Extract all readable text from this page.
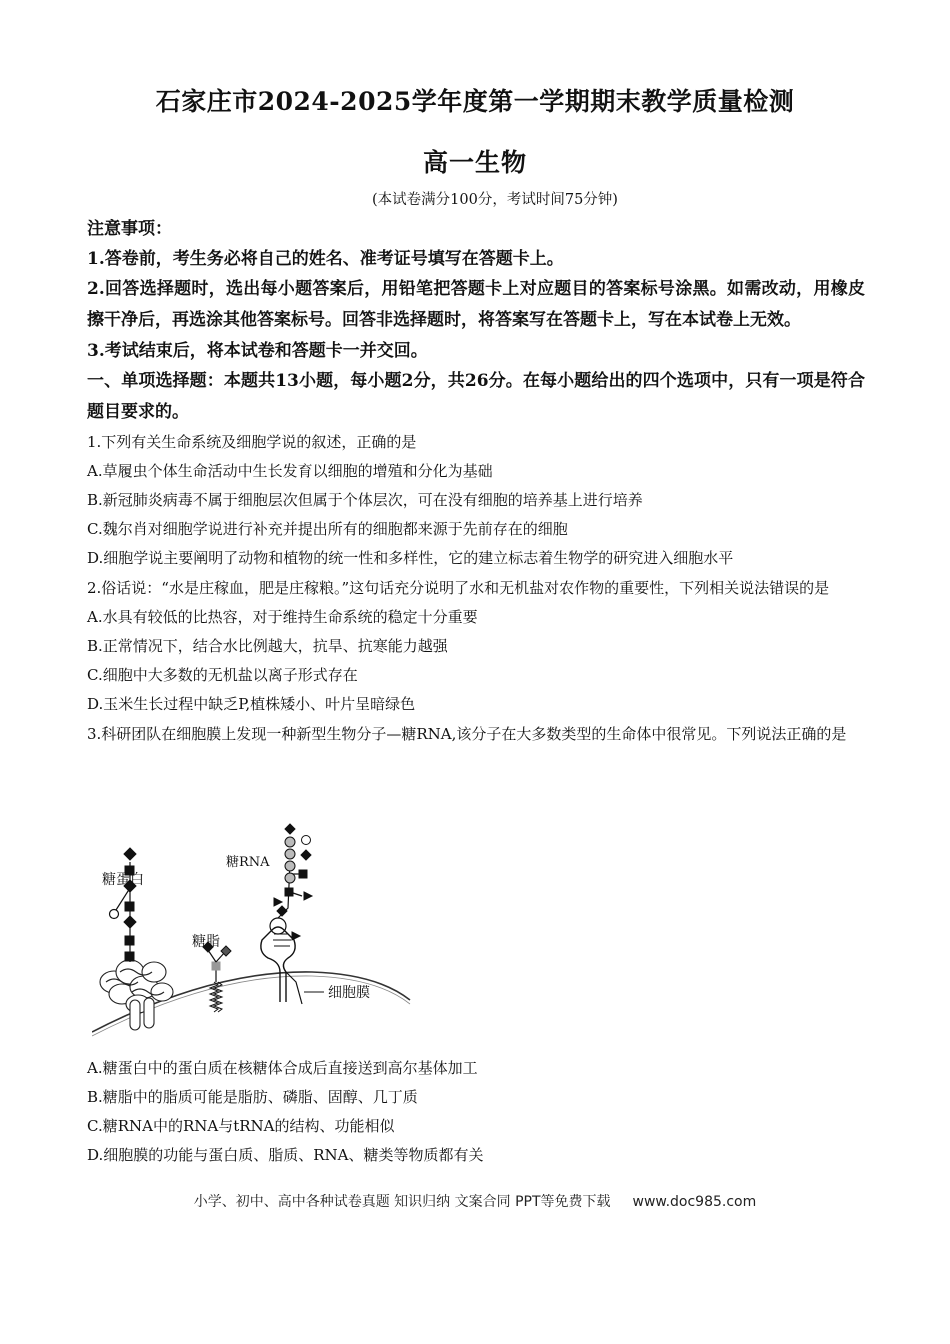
石家庄市2024-2025学年度第一学期期末教学质量检测
高一生物
(本试卷满分100分，考试时间75分钟)

注意事项：

1.答卷前，考生务必将自己的姓名、准考证号填写在答题卡上。

2.回答选择题时，选出每小题答案后，用铅笔把答题卡上对应题目的答案标号涂黑。如需改动，用橡皮擦干净后，再选涂其他答案标号。回答非选择题时，将答案写在答题卡上，写在本试卷上无效。

3.考试结束后，将本试卷和答题卡一并交回。

一、单项选择题：本题共13小题，每小题2分，共26分。在每小题给出的四个选项中，只有一项是符合题目要求的。

1.下列有关生命系统及细胞学说的叙述，正确的是

A.草履虫个体生命活动中生长发育以细胞的增殖和分化为基础

B.新冠肺炎病毒不属于细胞层次但属于个体层次，可在没有细胞的培养基上进行培养

C.魏尔肖对细胞学说进行补充并提出所有的细胞都来源于先前存在的细胞

D.细胞学说主要阐明了动物和植物的统一性和多样性，它的建立标志着生物学的研究进入细胞水平

2.俗话说：“水是庄稼血，肥是庄稼粮。”这句话充分说明了水和无机盐对农作物的重要性，下列相关说法错误的是

A.水具有较低的比热容，对于维持生命系统的稳定十分重要

B.正常情况下，结合水比例越大，抗旱、抗寒能力越强

C.细胞中大多数的无机盐以离子形式存在

D.玉米生长过程中缺乏P,植株矮小、叶片呈暗绿色

3.科研团队在细胞膜上发现一种新型生物分子—糖RNA,该分子在大多数类型的生命体中很常见。下列说法正确的是

糖蛋白
糖脂
糖RNA
细胞膜

A.糖蛋白中的蛋白质在核糖体合成后直接送到高尔基体加工

B.糖脂中的脂质可能是脂肪、磷脂、固醇、几丁质

C.糖RNA中的RNA与tRNA的结构、功能相似

D.细胞膜的功能与蛋白质、脂质、RNA、糖类等物质都有关

小学、初中、高中各种试卷真题 知识归纳 文案合同 PPT等免费下载 www.doc985.com
